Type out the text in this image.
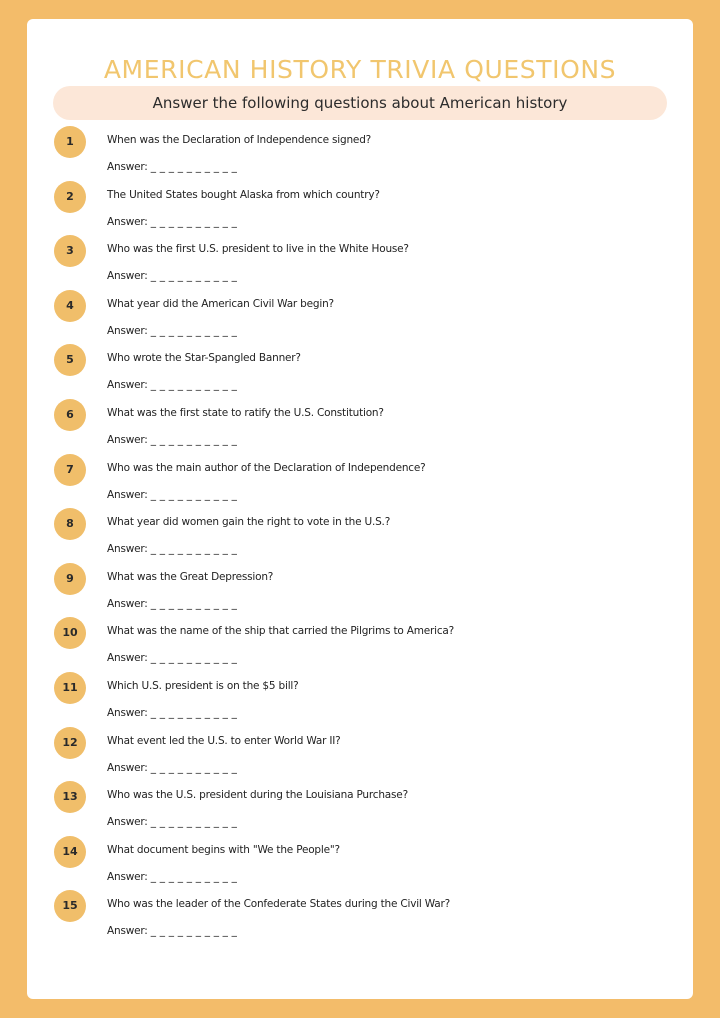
AMERICAN HISTORY TRIVIA QUESTIONS
Answer the following questions about American history
1	When was the Declaration of Independence signed?
Answer: _ _ _ _ _ _ _ _ _ _
2	The United States bought Alaska from which country?
Answer: _ _ _ _ _ _ _ _ _ _
3	Who was the first U.S. president to live in the White House?
Answer: _ _ _ _ _ _ _ _ _ _
4	What year did the American Civil War begin?
Answer: _ _ _ _ _ _ _ _ _ _
5	Who wrote the Star-Spangled Banner?
Answer: _ _ _ _ _ _ _ _ _ _
6	What was the first state to ratify the U.S. Constitution?
Answer: _ _ _ _ _ _ _ _ _ _
7	Who was the main author of the Declaration of Independence?
Answer: _ _ _ _ _ _ _ _ _ _
8	What year did women gain the right to vote in the U.S.?
Answer: _ _ _ _ _ _ _ _ _ _
9	What was the Great Depression?
Answer: _ _ _ _ _ _ _ _ _ _
10	What was the name of the ship that carried the Pilgrims to America?
Answer: _ _ _ _ _ _ _ _ _ _
11	Which U.S. president is on the $5 bill?
Answer: _ _ _ _ _ _ _ _ _ _
12	What event led the U.S. to enter World War II?
Answer: _ _ _ _ _ _ _ _ _ _
13	Who was the U.S. president during the Louisiana Purchase?
Answer: _ _ _ _ _ _ _ _ _ _
14	What document begins with "We the People"?
Answer: _ _ _ _ _ _ _ _ _ _
15	Who was the leader of the Confederate States during the Civil War?
Answer: _ _ _ _ _ _ _ _ _ _
